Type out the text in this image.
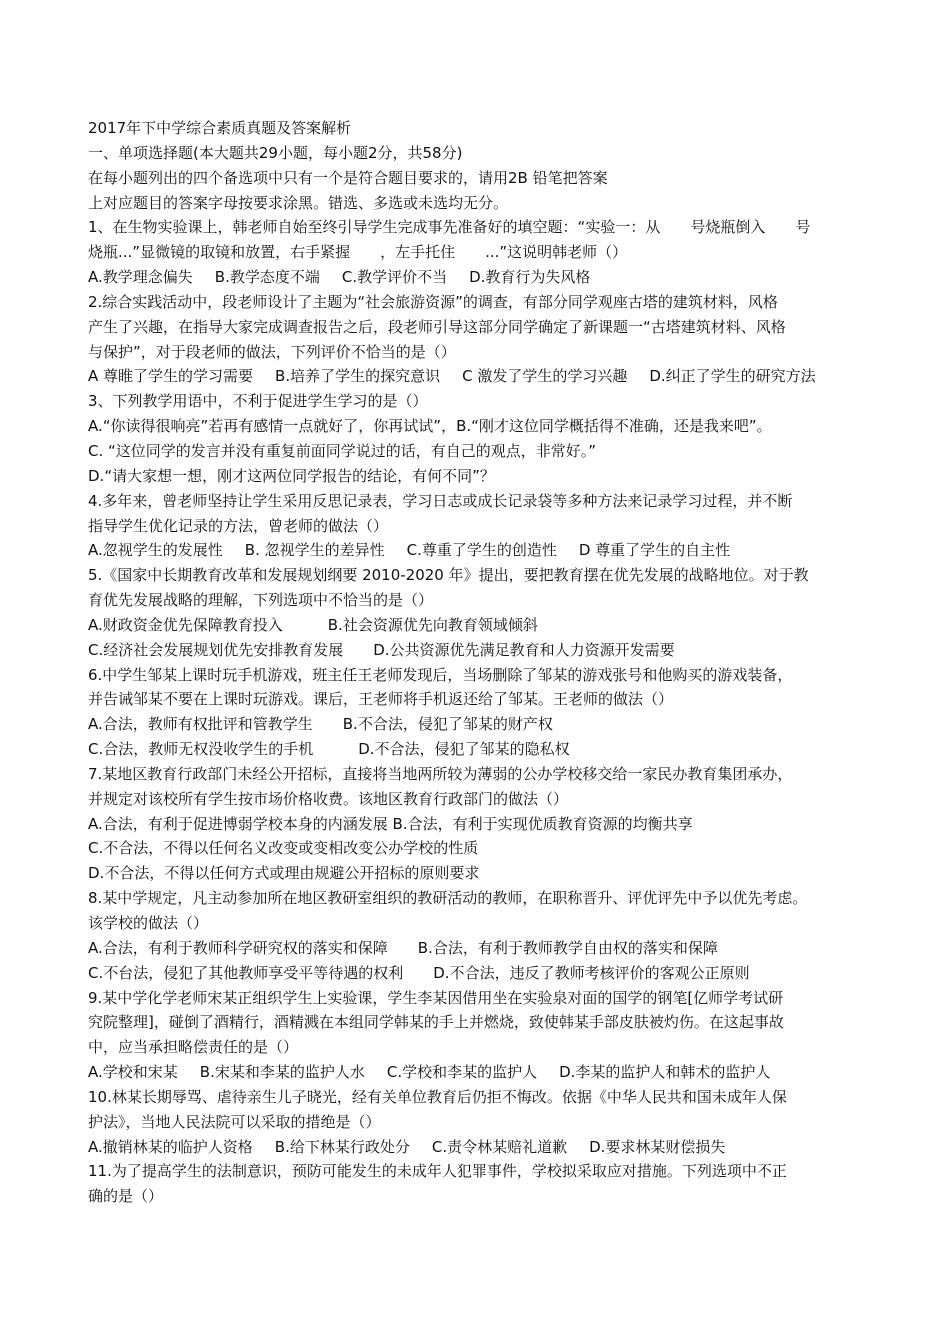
2017年下中学综合素质真题及答案解析
一、单项选择题(本大题共29小题，每小题2分，共58分)
在每小题列出的四个备选项中只有一个是符合题目要求的，请用2B 铅笔把答案
上对应题目的答案字母按要求涂黑。错选、多选或未选均无分。
1、在生物实验课上，韩老师自始至终引导学生完成事先准备好的填空题：“实验一：从　　号烧瓶倒入　　号
烧瓶...”显微镜的取镜和放置，右手紧握　　，左手托住　　...”这说明韩老师（）
A.教学理念偏失 B.教学态度不端 C.教学评价不当 D.教育行为失风格
2.综合实践活动中，段老师设计了主题为“社会旅游资源”的调查，有部分同学观座古塔的建筑材料，风格
产生了兴趣，在指导大家完成调查报告之后，段老师引导这部分同学确定了新课题一“古塔建筑材料、风格
与保护”，对于段老师的做法，下列评价不恰当的是（）
A 尊睢了学生的学习需要 B.培养了学生的探究意识 C 激发了学生的学习兴趣 D.纠正了学生的研究方法
3、下列教学用语中，不利于促进学生学习的是（）
A.“你读得很响亮”若再有感情一点就好了，你再试试”，B.“刚才这位同学概括得不准确，还是我来吧”。
C. “这位同学的发言并没有重复前面同学说过的话，有自己的观点，非常好。”
D.“请大家想一想，刚才这两位同学报告的结论，有何不同”？
4.多年来，曾老师坚持让学生采用反思记录表，学习日志或成长记录袋等多种方法来记录学习过程，并不断
指导学生优化记录的方法，曾老师的做法（）
A.忽视学生的发展性 B. 忽视学生的差异性 C.尊重了学生的创造性 D 尊重了学生的自主性
5.《国家中长期教育改革和发展规划纲要 2010-2020 年》提出，要把教育摆在优先发展的战略地位。对于教
育优先发展战略的理解，下列选项中不恰当的是（）
A.财政资金优先保障教育投入　　　B.社会资源优先向教育领域倾斜
C.经济社会发展规划优先安排教育发展　　D.公共资源优先满足教育和人力资源开发需要
6.中学生邹某上课时玩手机游戏，班主任王老师发现后，当场删除了邹某的游戏张号和他购买的游戏装备，
并告诫邹某不要在上课时玩游戏。课后，王老师将手机返还给了邹某。王老师的做法（）
A.合法，教师有权批评和管教学生　　B.不合法，侵犯了邹某的财产权
C.合法，教师无权没收学生的手机　　　D.不合法，侵犯了邹某的隐私权
7.某地区教育行政部门未经公开招标，直接将当地两所较为薄弱的公办学校移交给一家民办教育集团承办，
并规定对该校所有学生按市场价格收费。该地区教育行政部门的做法（）
A.合法，有利于促进博弱学校本身的内涵发展 B.合法，有利于实现优质教育资源的均衡共享
C.不合法，不得以任何名义改变或变相改变公办学校的性质
D.不合法，不得以任何方式或理由规避公开招标的原则要求
8.某中学规定，凡主动参加所在地区教研室组织的教研活动的教师，在职称晋升、评优评先中予以优先考虑。
该学校的做法（）
A.合法，有利于教师科学研究权的落实和保障　　B.合法，有利于教师教学自由权的落实和保障
C.不台法，侵犯了其他教师享受平等待遇的权利　　D.不合法，违反了教师考核评价的客观公正原则
9.某中学化学老师宋某正组织学生上实验课，学生李某因借用坐在实验泉对面的国学的钢笔[亿师学考试研
究院整理]，碰倒了酒精行，酒精溅在本组同学韩某的手上并燃烧，致使韩某手部皮肤被灼伤。在这起事故
中，应当承担略偿责任的是（）
A.学校和宋某 B.宋某和李某的监护人水 C.学校和李某的监护人 D.李某的监护人和韩术的监护人
10.林某长期辱骂、虐待亲生儿子晓光，经有关单位教育后仍拒不悔改。依据《中华人民共和国未成年人保
护法》，当地人民法院可以采取的措绝是（）
A.撤销林某的临护人资格 B.给下林某行政处分 C.责令林某赔礼道歉 D.要求林某财偿损失
11.为了提高学生的法制意识，预防可能发生的未成年人犯罪事件，学校拟采取应对措施。下列选项中不正
确的是（）
